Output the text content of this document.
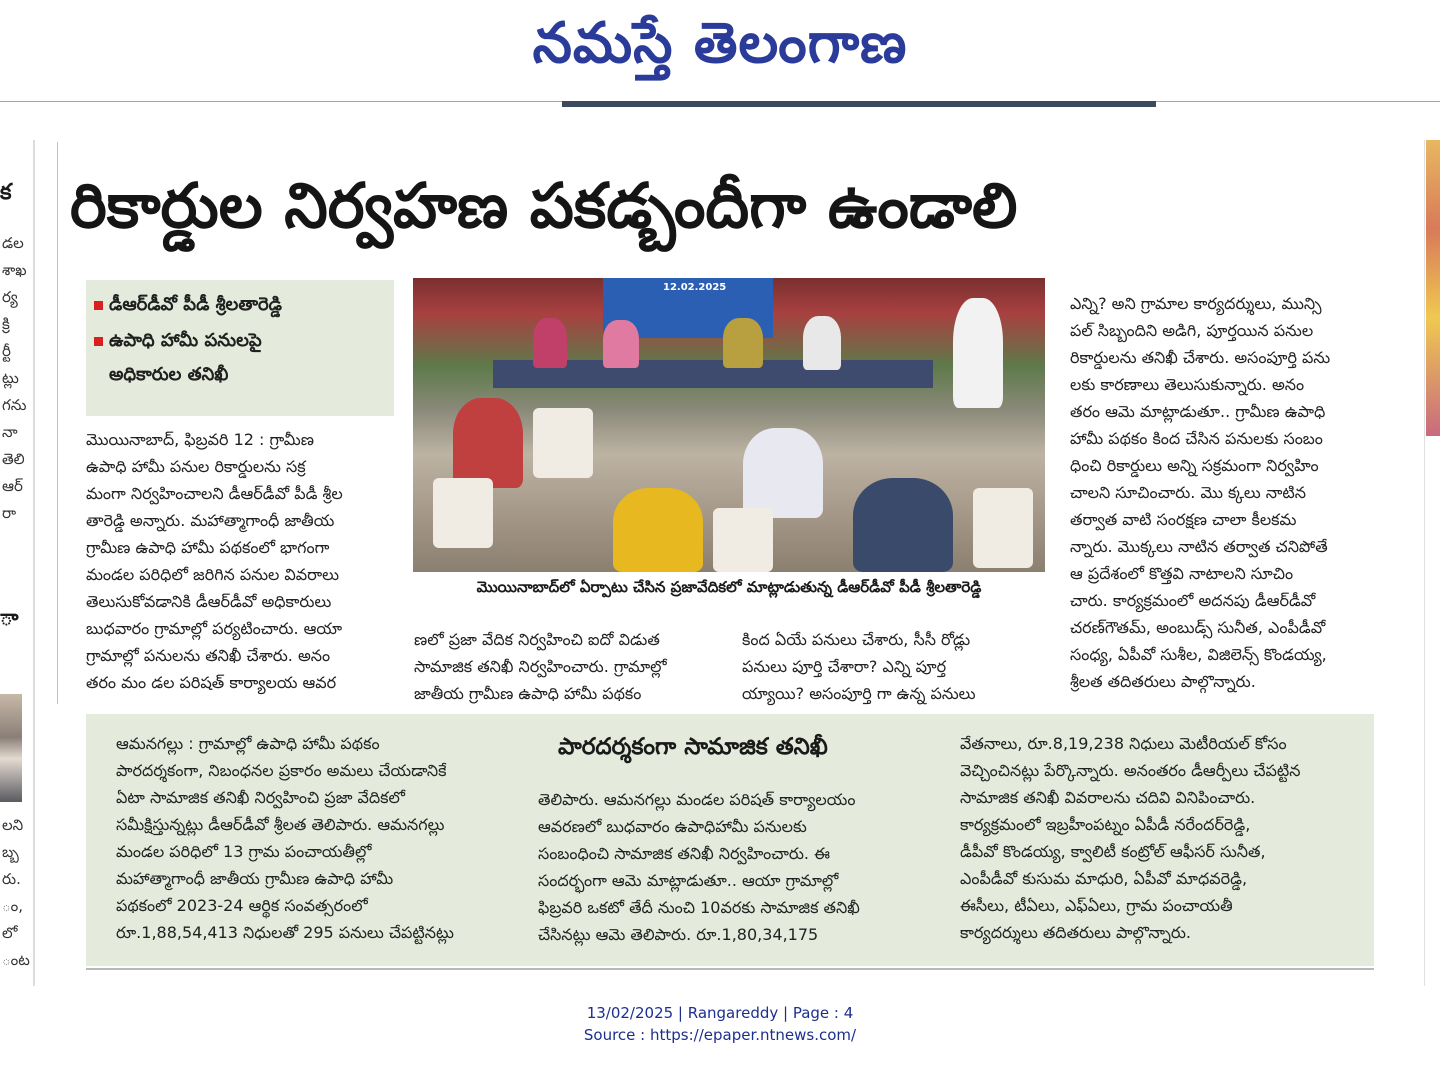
నమస్తే తెలంగాణ
క
డల
శాఖ
ర్య
క్రి
ర్టీ
ట్లు
గను
నా
తెలి
ఆర్
రా
ా
లని
బ్బ
రు.
ం,
లో
ంట
రికార్డుల నిర్వహణ పకడ్బందీగా ఉండాలి
డీఆర్‌డీవో పీడీ శ్రీలతారెడ్డి
ఉపాధి హామీ పనులపై
అధికారుల తనిఖీ
మొయినాబాద్, ఫిబ్రవరి 12 : గ్రామీణ
ఉపాధి హామీ పనుల రికార్డులను సక్ర
మంగా నిర్వహించాలని డీఆర్‌డీవో పీడీ శ్రీల
తారెడ్డి అన్నారు. మహాత్మాగాంధీ జాతీయ
గ్రామీణ ఉపాధి హామీ పథకంలో భాగంగా
మండల పరిధిలో జరిగిన పనుల వివరాలు
తెలుసుకోవడానికి డీఆర్‌డీవో అధికారులు
బుధవారం గ్రామాల్లో పర్యటించారు. ఆయా
గ్రామాల్లో పనులను తనిఖీ చేశారు. అనం
తరం మం డల పరిషత్ కార్యాలయ ఆవర
12.02.2025
మొయినాబాద్‌లో ఏర్పాటు చేసిన ప్రజావేదికలో మాట్లాడుతున్న డీఆర్‌డీవో పీడీ శ్రీలతారెడ్డి
ణలో ప్రజా వేదిక నిర్వహించి ఐదో విడుత
సామాజిక తనిఖీ నిర్వహించారు. గ్రామాల్లో
జాతీయ గ్రామీణ ఉపాధి హామీ పథకం
కింద ఏయే పనులు చేశారు, సీసీ రోడ్లు
పనులు పూర్తి చేశారా? ఎన్ని పూర్త
య్యాయి? అసంపూర్తి గా ఉన్న పనులు
ఎన్ని? అని గ్రామాల కార్యదర్శులు, మున్సి
పల్ సిబ్బందిని అడిగి, పూర్తయిన పనుల
రికార్డులను తనిఖీ చేశారు. అసంపూర్తి పను
లకు కారణాలు తెలుసుకున్నారు. అనం
తరం ఆమె మాట్లాడుతూ.. గ్రామీణ ఉపాధి
హామీ పథకం కింద చేసిన పనులకు సంబం
ధించి రికార్డులు అన్ని సక్రమంగా నిర్వహిం
చాలని సూచించారు. మొ క్కలు నాటిన
తర్వాత వాటి సంరక్షణ చాలా కీలకమ
న్నారు. మొక్కలు నాటిన తర్వాత చనిపోతే
ఆ ప్రదేశంలో కొత్తవి నాటాలని సూచిం
చారు. కార్యక్రమంలో అదనపు డీఆర్‌డీవో
చరణ్‌గౌతమ్, అంబుడ్స్ సునీత, ఎంపీడీవో
సంధ్య, ఏపీవో సుశీల, విజిలెన్స్ కొండయ్య,
శ్రీలత తదితరులు పాల్గొన్నారు.
పారదర్శకంగా సామాజిక తనిఖీ
ఆమనగల్లు : గ్రామాల్లో ఉపాధి హామీ పథకం
పారదర్శకంగా, నిబంధనల ప్రకారం అమలు చేయడానికే
ఏటా సామాజిక తనిఖీ నిర్వహించి ప్రజా వేదికలో
సమీక్షిస్తున్నట్లు డీఆర్‌డీవో శ్రీలత తెలిపారు. ఆమనగల్లు
మండల పరిధిలో 13 గ్రామ పంచాయతీల్లో
మహాత్మాగాంధీ జాతీయ గ్రామీణ ఉపాధి హామీ
పథకంలో 2023-24 ఆర్థిక సంవత్సరంలో
రూ.1,88,54,413 నిధులతో 295 పనులు చేపట్టినట్లు
తెలిపారు. ఆమనగల్లు మండల పరిషత్ కార్యాలయం
ఆవరణలో బుధవారం ఉపాధిహామీ పనులకు
సంబంధించి సామాజిక తనిఖీ నిర్వహించారు. ఈ
సందర్భంగా ఆమె మాట్లాడుతూ.. ఆయా గ్రామాల్లో
ఫిబ్రవరి ఒకటో తేదీ నుంచి 10వరకు సామాజిక తనిఖీ
చేసినట్లు ఆమె తెలిపారు. రూ.1,80,34,175
వేతనాలు, రూ.8,19,238 నిధులు మెటీరియల్ కోసం
వెచ్చించినట్లు పేర్కొన్నారు. అనంతరం డీఆర్పీలు చేపట్టిన
సామాజిక తనిఖీ వివరాలను చదివి వినిపించారు.
కార్యక్రమంలో ఇబ్రహీంపట్నం ఏపీడీ నరేందర్‌రెడ్డి,
డీపీవో కొండయ్య, క్వాలిటీ కంట్రోల్ ఆఫీసర్ సునీత,
ఎంపీడీవో కుసుమ మాధురి, ఏపీవో మాధవరెడ్డి,
ఈసీలు, టీఏలు, ఎఫ్ఏలు, గ్రామ పంచాయతీ
కార్యదర్శులు తదితరులు పాల్గొన్నారు.
13/02/2025 | Rangareddy | Page : 4
Source : https://epaper.ntnews.com/
